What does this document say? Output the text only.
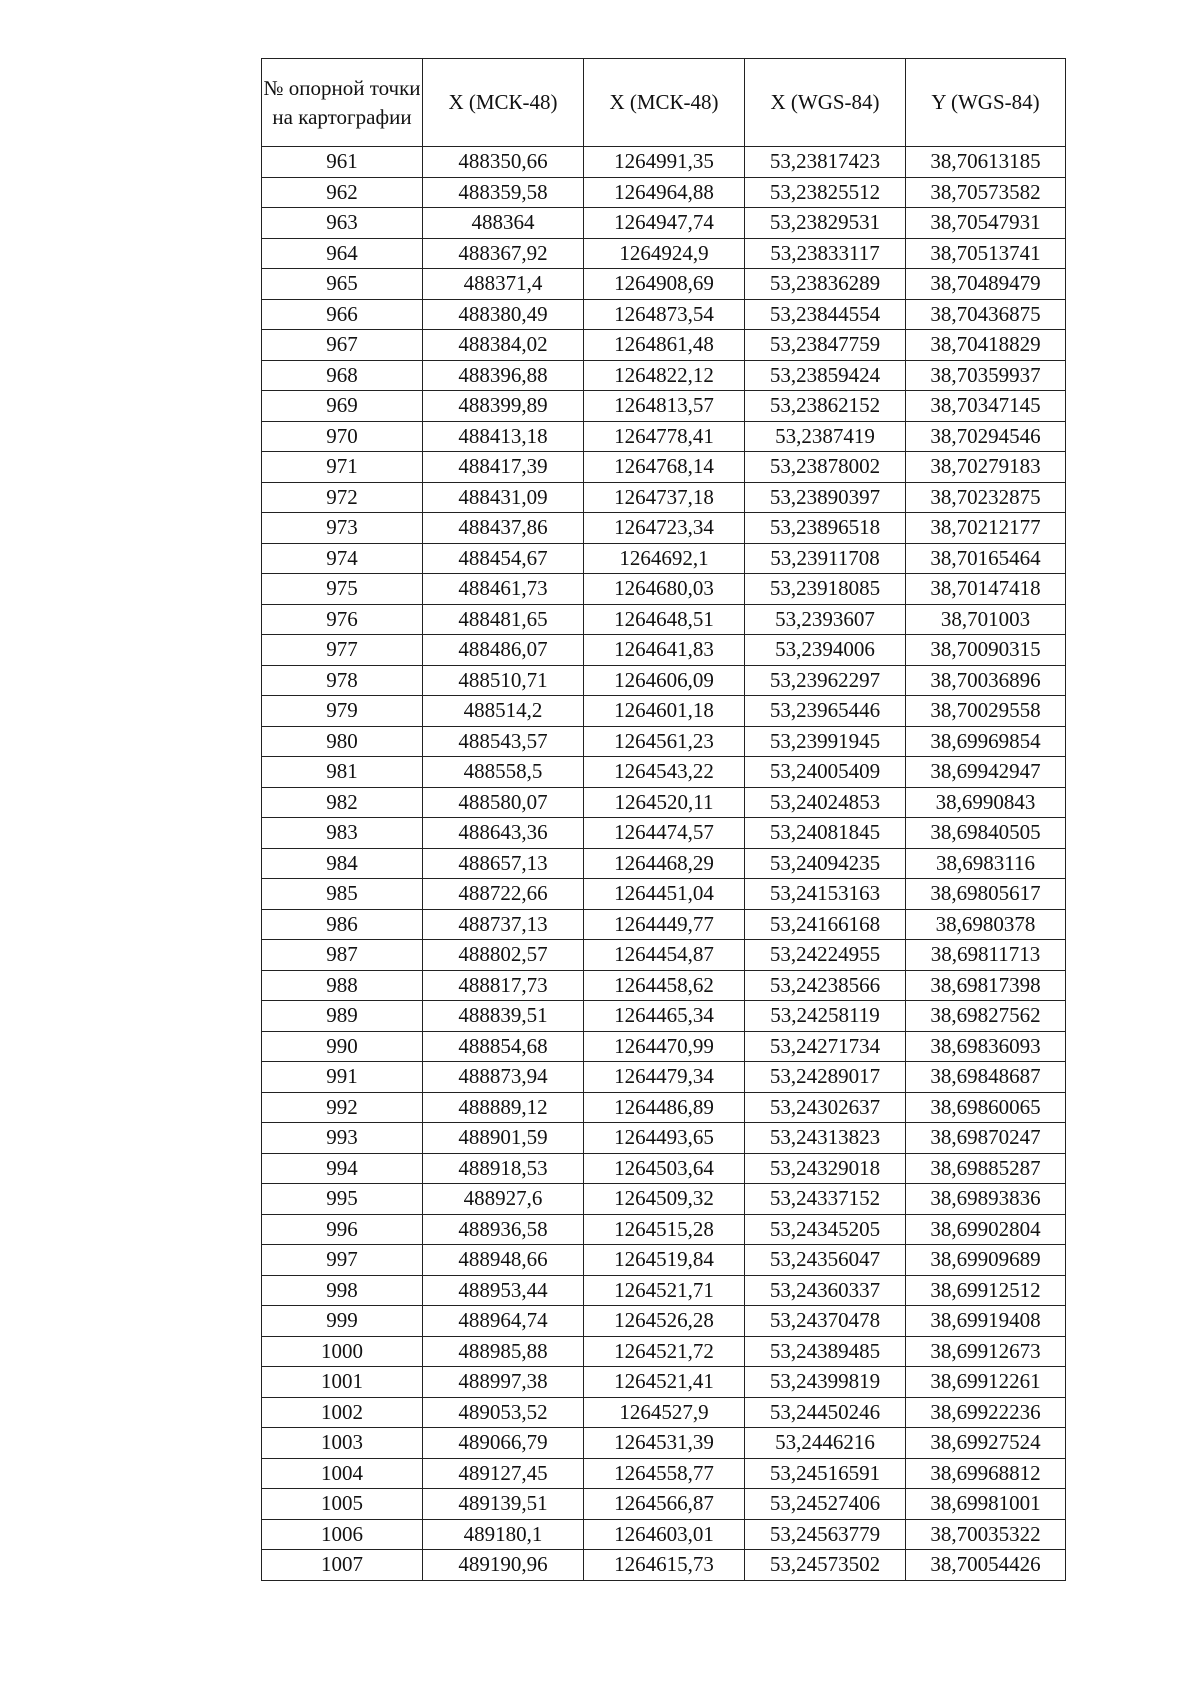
№ опорной точки на картографии	X (МСК-48)	X (МСК-48)	X (WGS-84)	Y (WGS-84)
961	488350,66	1264991,35	53,23817423	38,70613185
962	488359,58	1264964,88	53,23825512	38,70573582
963	488364	1264947,74	53,23829531	38,70547931
964	488367,92	1264924,9	53,23833117	38,70513741
965	488371,4	1264908,69	53,23836289	38,70489479
966	488380,49	1264873,54	53,23844554	38,70436875
967	488384,02	1264861,48	53,23847759	38,70418829
968	488396,88	1264822,12	53,23859424	38,70359937
969	488399,89	1264813,57	53,23862152	38,70347145
970	488413,18	1264778,41	53,2387419	38,70294546
971	488417,39	1264768,14	53,23878002	38,70279183
972	488431,09	1264737,18	53,23890397	38,70232875
973	488437,86	1264723,34	53,23896518	38,70212177
974	488454,67	1264692,1	53,23911708	38,70165464
975	488461,73	1264680,03	53,23918085	38,70147418
976	488481,65	1264648,51	53,2393607	38,701003
977	488486,07	1264641,83	53,2394006	38,70090315
978	488510,71	1264606,09	53,23962297	38,70036896
979	488514,2	1264601,18	53,23965446	38,70029558
980	488543,57	1264561,23	53,23991945	38,69969854
981	488558,5	1264543,22	53,24005409	38,69942947
982	488580,07	1264520,11	53,24024853	38,6990843
983	488643,36	1264474,57	53,24081845	38,69840505
984	488657,13	1264468,29	53,24094235	38,6983116
985	488722,66	1264451,04	53,24153163	38,69805617
986	488737,13	1264449,77	53,24166168	38,6980378
987	488802,57	1264454,87	53,24224955	38,69811713
988	488817,73	1264458,62	53,24238566	38,69817398
989	488839,51	1264465,34	53,24258119	38,69827562
990	488854,68	1264470,99	53,24271734	38,69836093
991	488873,94	1264479,34	53,24289017	38,69848687
992	488889,12	1264486,89	53,24302637	38,69860065
993	488901,59	1264493,65	53,24313823	38,69870247
994	488918,53	1264503,64	53,24329018	38,69885287
995	488927,6	1264509,32	53,24337152	38,69893836
996	488936,58	1264515,28	53,24345205	38,69902804
997	488948,66	1264519,84	53,24356047	38,69909689
998	488953,44	1264521,71	53,24360337	38,69912512
999	488964,74	1264526,28	53,24370478	38,69919408
1000	488985,88	1264521,72	53,24389485	38,69912673
1001	488997,38	1264521,41	53,24399819	38,69912261
1002	489053,52	1264527,9	53,24450246	38,69922236
1003	489066,79	1264531,39	53,2446216	38,69927524
1004	489127,45	1264558,77	53,24516591	38,69968812
1005	489139,51	1264566,87	53,24527406	38,69981001
1006	489180,1	1264603,01	53,24563779	38,70035322
1007	489190,96	1264615,73	53,24573502	38,70054426
